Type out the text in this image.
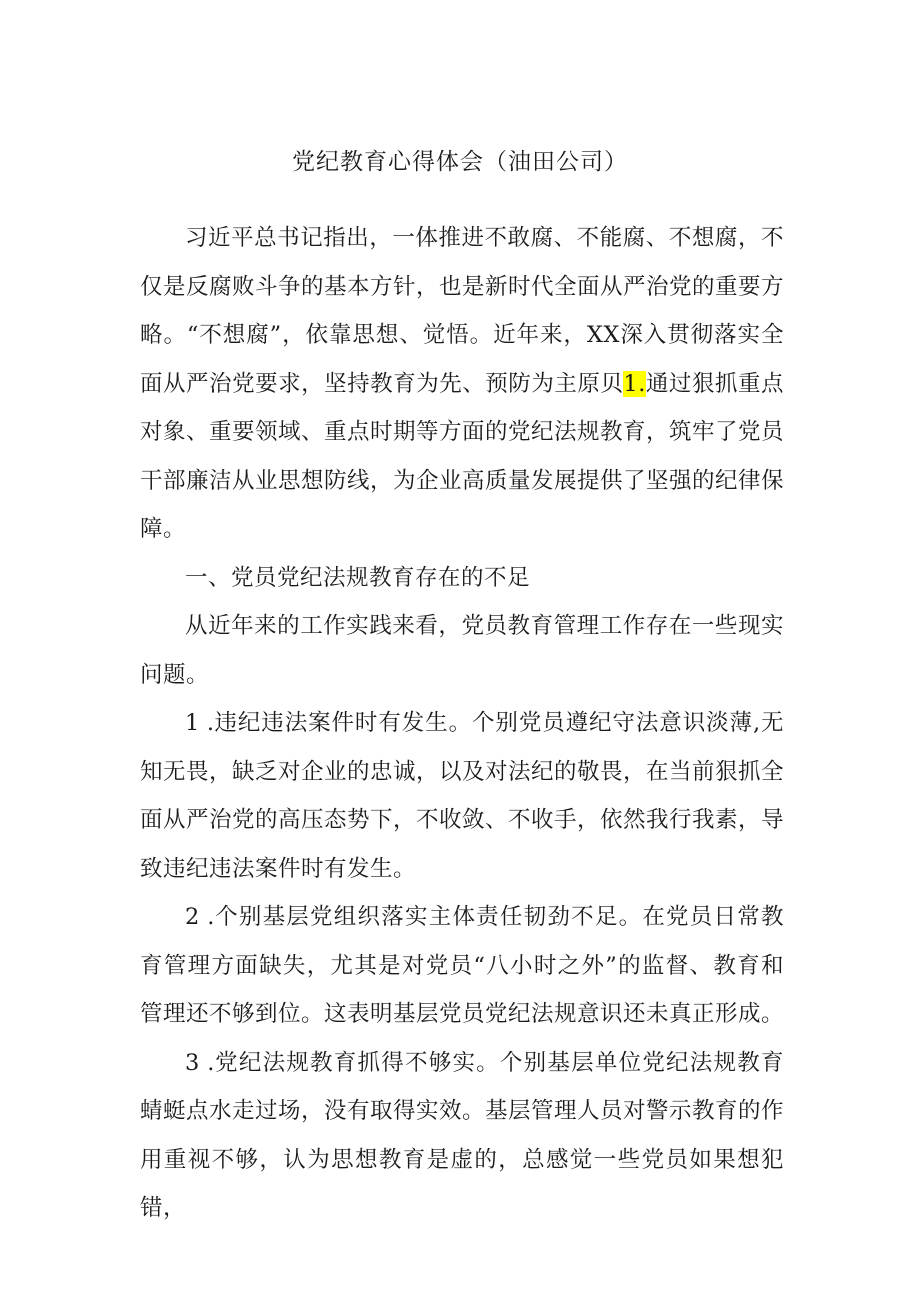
党纪教育心得体会（油田公司）

习近平总书记指出，一体推进不敢腐、不能腐、不想腐，不仅是反腐败斗争的基本方针，也是新时代全面从严治党的重要方略。“不想腐”，依靠思想、觉悟。近年来，XX深入贯彻落实全面从严治党要求，坚持教育为先、预防为主原贝1.通过狠抓重点对象、重要领域、重点时期等方面的党纪法规教育，筑牢了党员干部廉洁从业思想防线，为企业高质量发展提供了坚强的纪律保障。

一、党员党纪法规教育存在的不足

从近年来的工作实践来看，党员教育管理工作存在一些现实问题。

1 .违纪违法案件时有发生。个别党员遵纪守法意识淡薄,无知无畏，缺乏对企业的忠诚，以及对法纪的敬畏，在当前狠抓全面从严治党的高压态势下，不收敛、不收手，依然我行我素，导致违纪违法案件时有发生。

2 .个别基层党组织落实主体责任韧劲不足。在党员日常教育管理方面缺失，尤其是对党员“八小时之外”的监督、教育和管理还不够到位。这表明基层党员党纪法规意识还未真正形成。

3 .党纪法规教育抓得不够实。个别基层单位党纪法规教育蜻蜓点水走过场，没有取得实效。基层管理人员对警示教育的作用重视不够，认为思想教育是虚的，总感觉一些党员如果想犯错，
